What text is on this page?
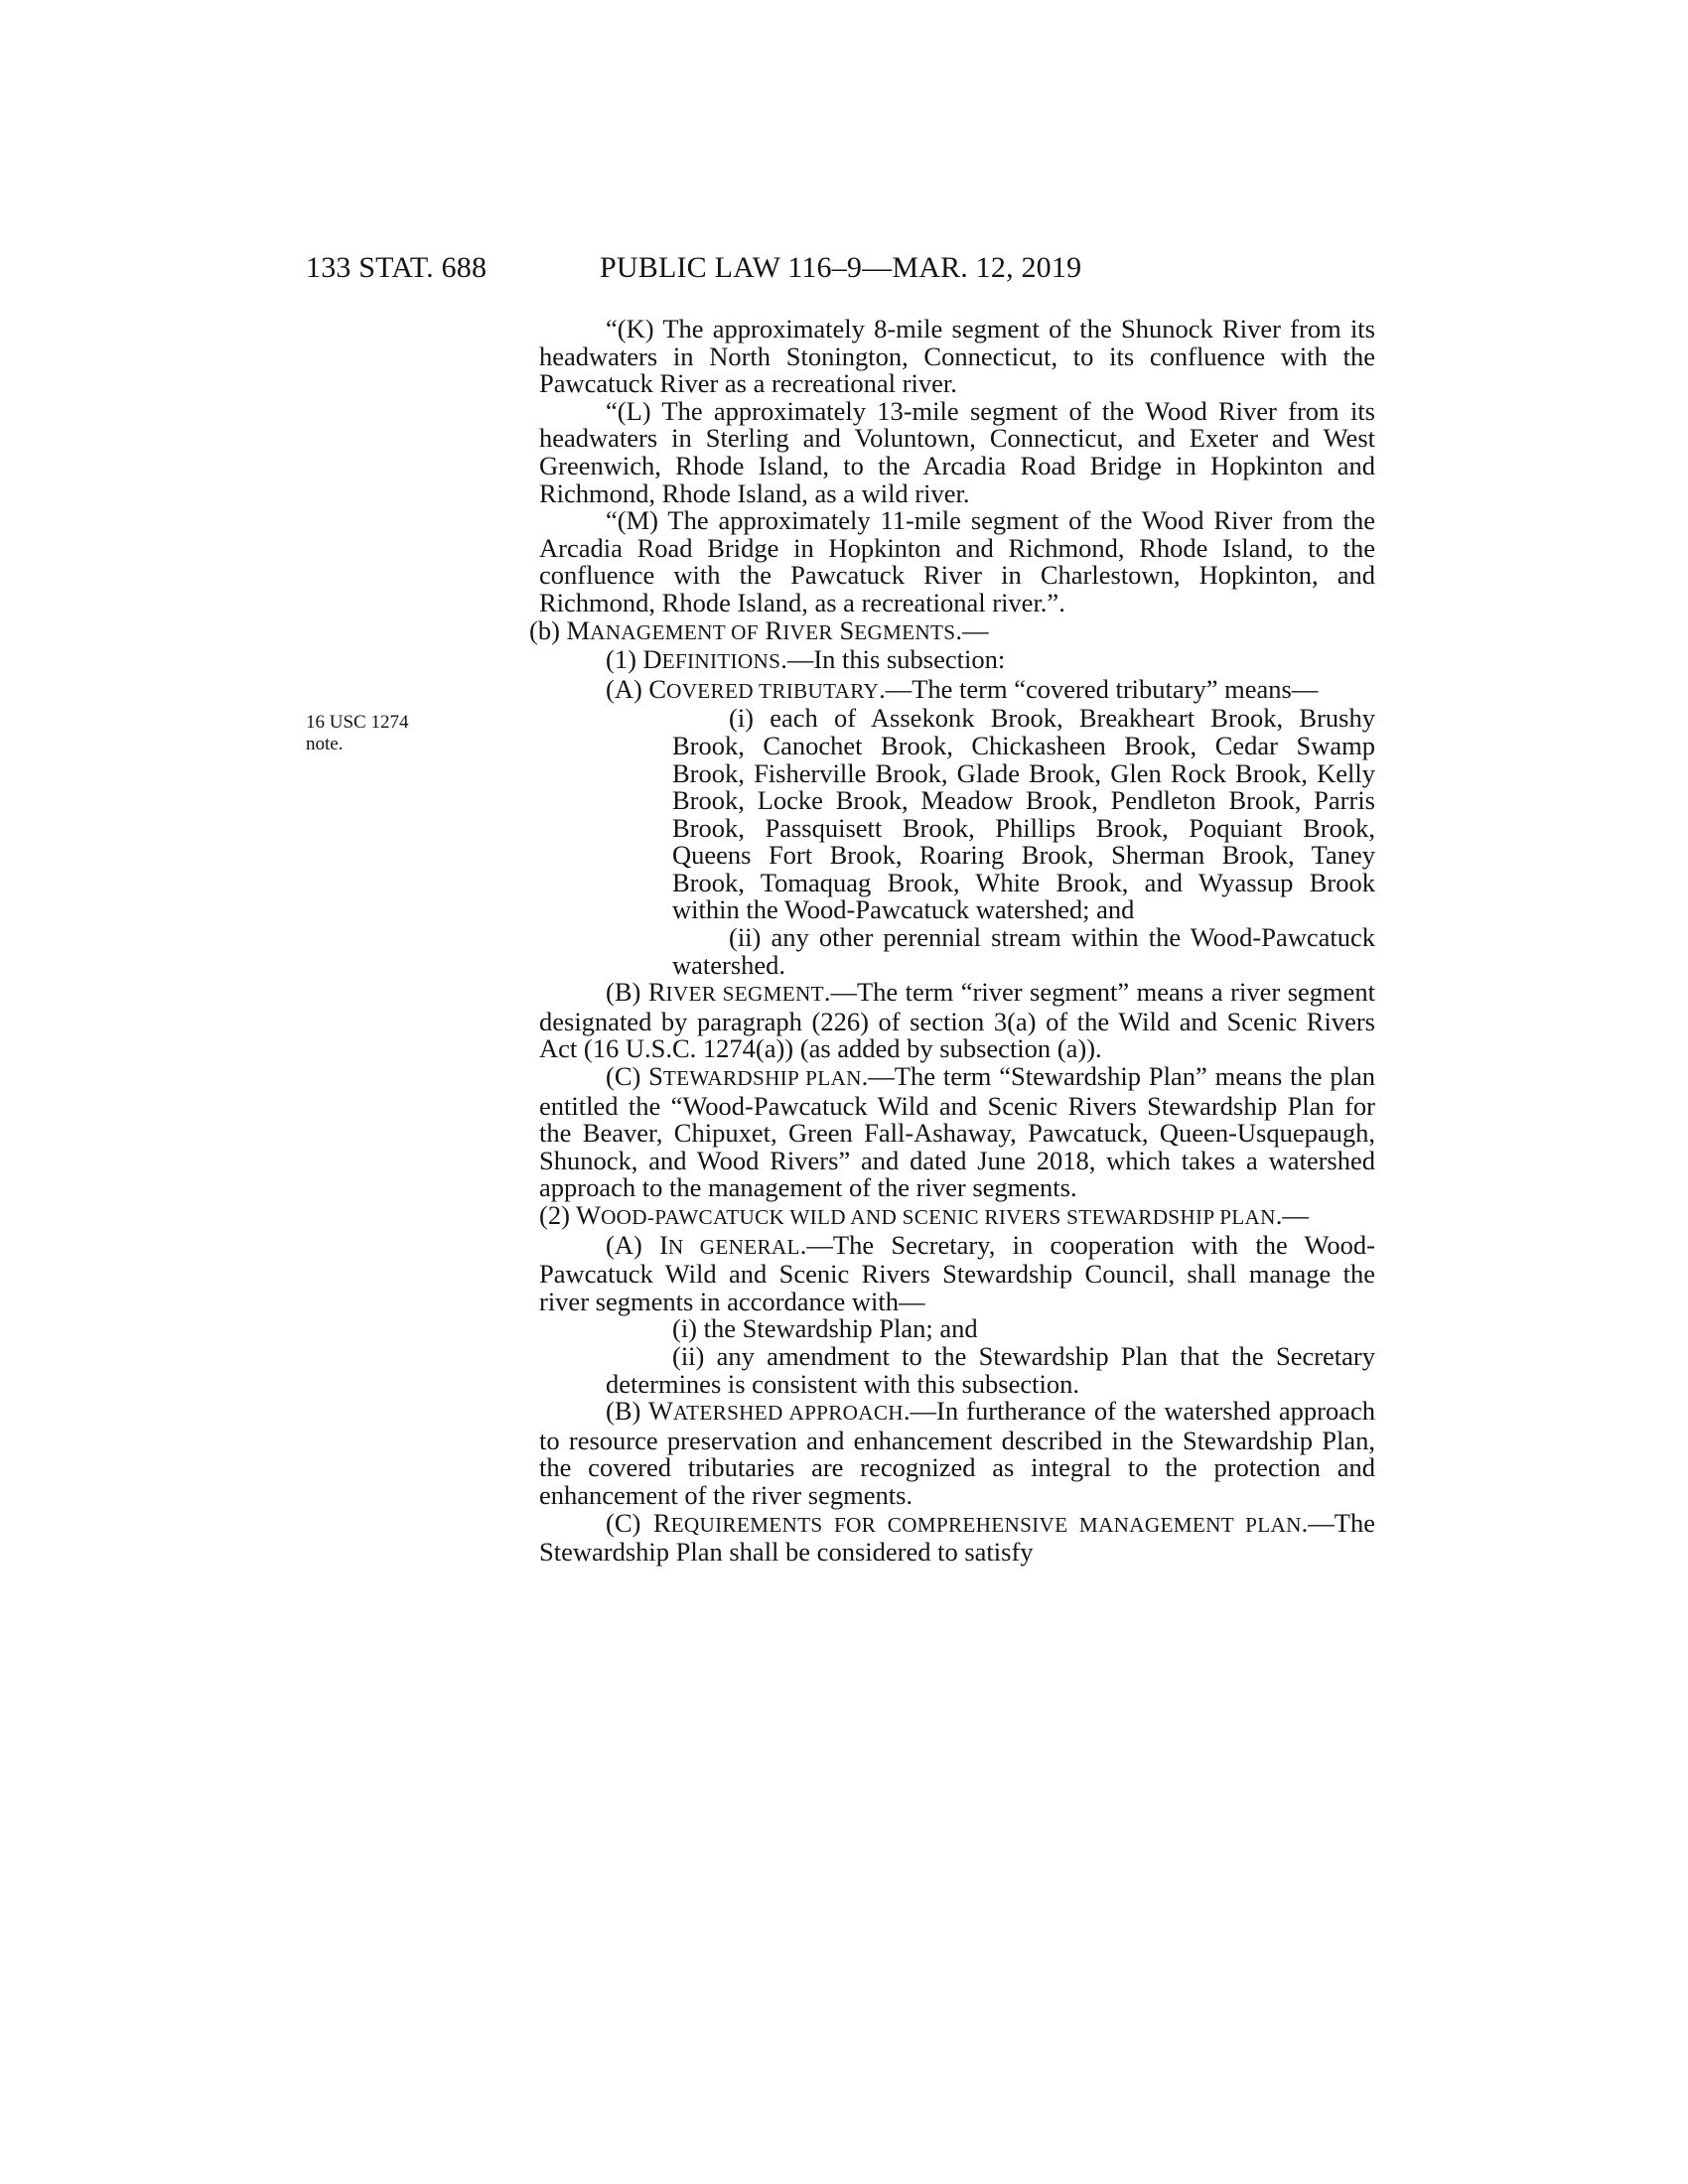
133 STAT. 688	PUBLIC LAW 116–9—MAR. 12, 2019
16 USC 1274
note.

“(K) The approximately 8-mile segment of the Shunock River from its headwaters in North Stonington, Connecticut, to its confluence with the Pawcatuck River as a recreational river.

“(L) The approximately 13-mile segment of the Wood River from its headwaters in Sterling and Voluntown, Connecticut, and Exeter and West Greenwich, Rhode Island, to the Arcadia Road Bridge in Hopkinton and Richmond, Rhode Island, as a wild river.

“(M) The approximately 11-mile segment of the Wood River from the Arcadia Road Bridge in Hopkinton and Richmond, Rhode Island, to the confluence with the Pawcatuck River in Charlestown, Hopkinton, and Richmond, Rhode Island, as a recreational river.”.

(b) MANAGEMENT OF RIVER SEGMENTS.—

(1) DEFINITIONS.—In this subsection:

(A) COVERED TRIBUTARY.—The term “covered tributary” means—

(i) each of Assekonk Brook, Breakheart Brook, Brushy Brook, Canochet Brook, Chickasheen Brook, Cedar Swamp Brook, Fisherville Brook, Glade Brook, Glen Rock Brook, Kelly Brook, Locke Brook, Meadow Brook, Pendleton Brook, Parris Brook, Passquisett Brook, Phillips Brook, Poquiant Brook, Queens Fort Brook, Roaring Brook, Sherman Brook, Taney Brook, Tomaquag Brook, White Brook, and Wyassup Brook within the Wood-Pawcatuck watershed; and

(ii) any other perennial stream within the Wood-Pawcatuck watershed.

(B) RIVER SEGMENT.—The term “river segment” means a river segment designated by paragraph (226) of section 3(a) of the Wild and Scenic Rivers Act (16 U.S.C. 1274(a)) (as added by subsection (a)).

(C) STEWARDSHIP PLAN.—The term “Stewardship Plan” means the plan entitled the “Wood-Pawcatuck Wild and Scenic Rivers Stewardship Plan for the Beaver, Chipuxet, Green Fall-Ashaway, Pawcatuck, Queen-Usquepaugh, Shunock, and Wood Rivers” and dated June 2018, which takes a watershed approach to the management of the river segments.

(2) WOOD-PAWCATUCK WILD AND SCENIC RIVERS STEWARDSHIP PLAN.—

(A) IN GENERAL.—The Secretary, in cooperation with the Wood-Pawcatuck Wild and Scenic Rivers Stewardship Council, shall manage the river segments in accordance with—

(i) the Stewardship Plan; and

(ii) any amendment to the Stewardship Plan that the Secretary determines is consistent with this subsection.

(B) WATERSHED APPROACH.—In furtherance of the watershed approach to resource preservation and enhancement described in the Stewardship Plan, the covered tributaries are recognized as integral to the protection and enhancement of the river segments.

(C) REQUIREMENTS FOR COMPREHENSIVE MANAGEMENT PLAN.—The Stewardship Plan shall be considered to satisfy
